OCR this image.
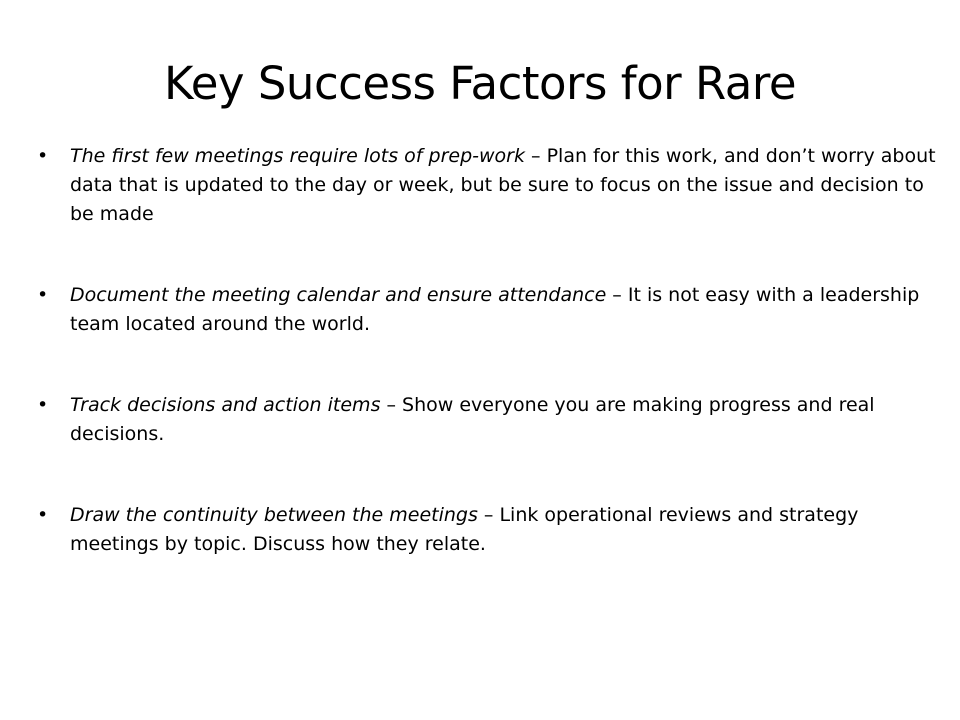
Key Success Factors for Rare
• The first few meetings require lots of prep-work – Plan for this work, and don’t worry about data that is updated to the day or week, but be sure to focus on the issue and decision to be made
• Document the meeting calendar and ensure attendance – It is not easy with a leadership team located around the world.
• Track decisions and action items – Show everyone you are making progress and real decisions.
• Draw the continuity between the meetings – Link operational reviews and strategy meetings by topic. Discuss how they relate.
